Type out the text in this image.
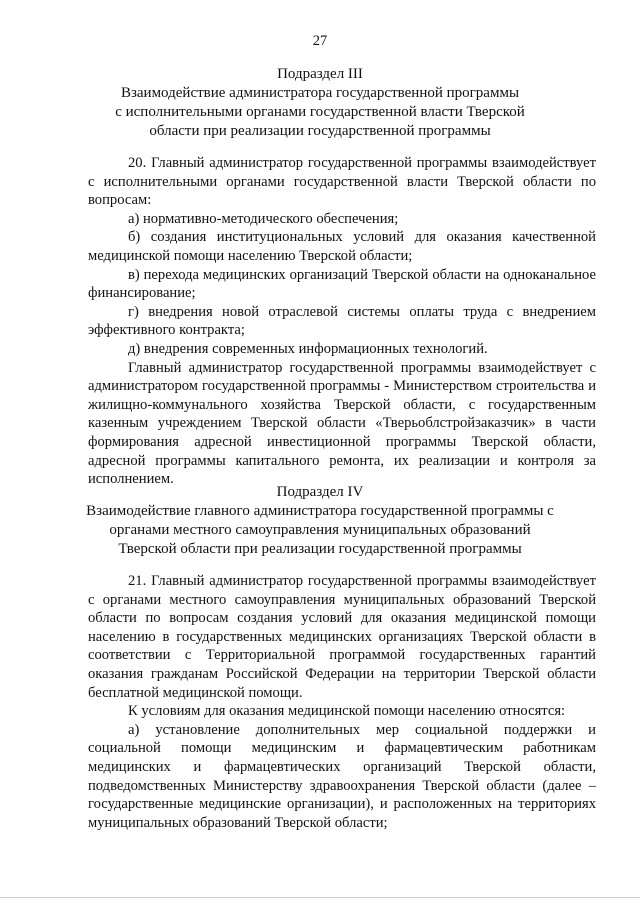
27
Подраздел III
Взаимодействие администратора государственной программы
с исполнительными органами государственной власти Тверской
области при реализации государственной программы

20. Главный администратор государственной программы взаимодействует с исполнительными органами государственной власти Тверской области по вопросам:

а) нормативно-методического обеспечения;

б) создания институциональных условий для оказания качественной медицинской помощи населению Тверской области;

в) перехода медицинских организаций Тверской области на одноканальное финансирование;

г) внедрения новой отраслевой системы оплаты труда с внедрением эффективного контракта;

д) внедрения современных информационных технологий.

Главный администратор государственной программы взаимодействует с администратором государственной программы - Министерством строительства и жилищно-коммунального хозяйства Тверской области, с государственным казенным учреждением Тверской области «Тверьоблстройзаказчик» в части формирования адресной инвестиционной программы Тверской области, адресной программы капитального ремонта, их реализации и контроля за исполнением.

Подраздел IV
Взаимодействие главного администратора государственной программы с
органами местного самоуправления муниципальных образований
Тверской области при реализации государственной программы

21. Главный администратор государственной программы взаимодействует с органами местного самоуправления муниципальных образований Тверской области по вопросам создания условий для оказания медицинской помощи населению в государственных медицинских организациях Тверской области в соответствии с Территориальной программой государственных гарантий оказания гражданам Российской Федерации на территории Тверской области бесплатной медицинской помощи.

К условиям для оказания медицинской помощи населению относятся:

а) установление дополнительных мер социальной поддержки и социальной помощи медицинским и фармацевтическим работникам медицинских и фармацевтических организаций Тверской области, подведомственных Министерству здравоохранения Тверской области (далее – государственные медицинские организации), и расположенных на территориях муниципальных образований Тверской области;
